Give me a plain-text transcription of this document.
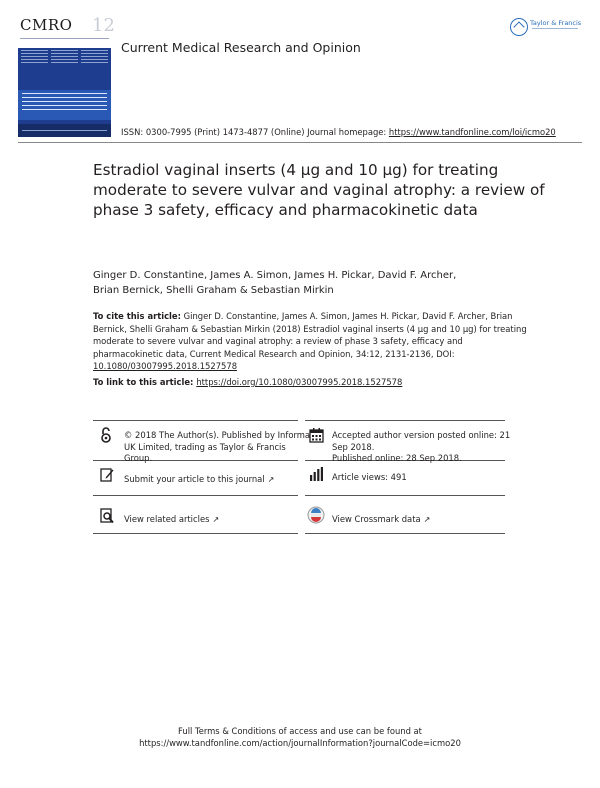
CMRO 12
Current Medical Research and Opinion
Taylor & Francis
ISSN: 0300-7995 (Print) 1473-4877 (Online) Journal homepage: https://www.tandfonline.com/loi/icmo20
Estradiol vaginal inserts (4 µg and 10 µg) for treating moderate to severe vulvar and vaginal atrophy: a review of phase 3 safety, efficacy and pharmacokinetic data
Ginger D. Constantine, James A. Simon, James H. Pickar, David F. Archer,
Brian Bernick, Shelli Graham & Sebastian Mirkin
To cite this article: Ginger D. Constantine, James A. Simon, James H. Pickar, David F. Archer, Brian Bernick, Shelli Graham & Sebastian Mirkin (2018) Estradiol vaginal inserts (4 µg and 10 µg) for treating moderate to severe vulvar and vaginal atrophy: a review of phase 3 safety, efficacy and pharmacokinetic data, Current Medical Research and Opinion, 34:12, 2131-2136, DOI: 10.1080/03007995.2018.1527578
To link to this article: https://doi.org/10.1080/03007995.2018.1527578
© 2018 The Author(s). Published by Informa
UK Limited, trading as Taylor & Francis
Group.
Accepted author version posted online: 21
Sep 2018.
Published online: 28 Sep 2018.
Submit your article to this journal ↗	Article views: 491
View related articles ↗	View Crossmark data ↗
Full Terms & Conditions of access and use can be found at
https://www.tandfonline.com/action/journalInformation?journalCode=icmo20
